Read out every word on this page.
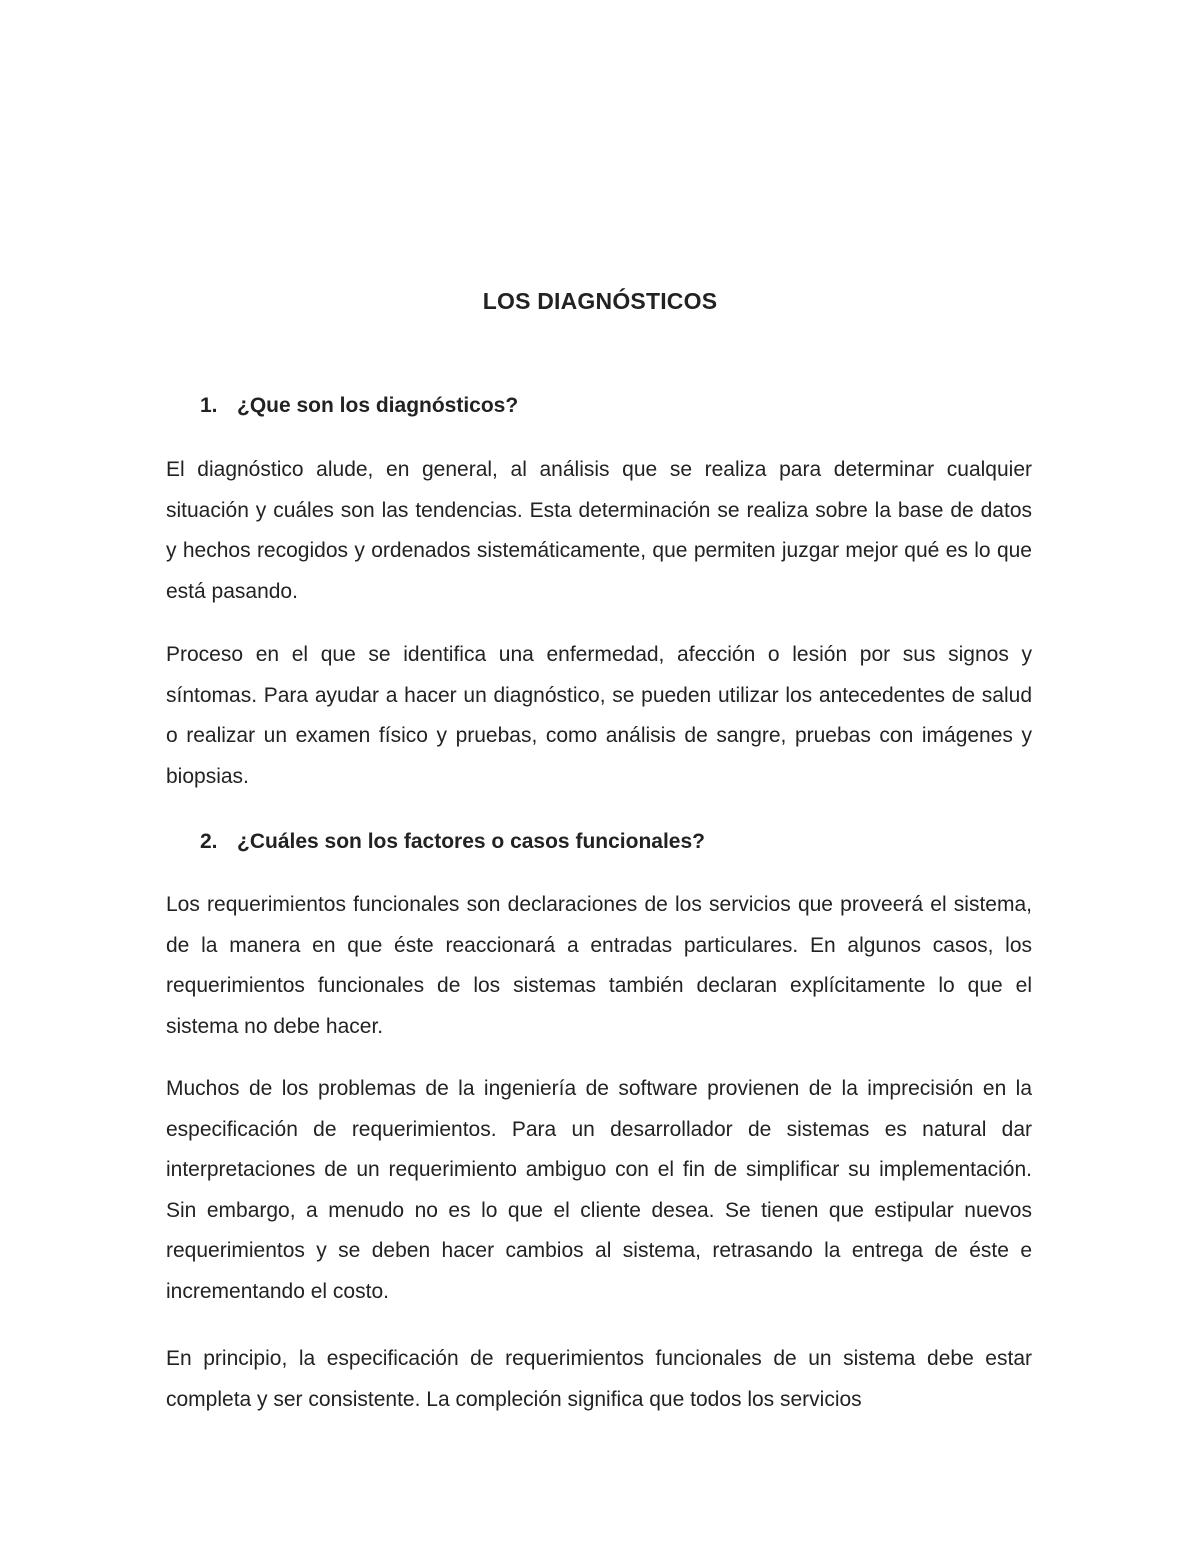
LOS DIAGNÓSTICOS
1. ¿Que son los diagnósticos?

El diagnóstico alude, en general, al análisis que se realiza para determinar cualquier situación y cuáles son las tendencias. Esta determinación se realiza sobre la base de datos y hechos recogidos y ordenados sistemáticamente, que permiten juzgar mejor qué es lo que está pasando.

Proceso en el que se identifica una enfermedad, afección o lesión por sus signos y síntomas. Para ayudar a hacer un diagnóstico, se pueden utilizar los antecedentes de salud o realizar un examen físico y pruebas, como análisis de sangre, pruebas con imágenes y biopsias.

2. ¿Cuáles son los factores o casos funcionales?

Los requerimientos funcionales son declaraciones de los servicios que proveerá el sistema, de la manera en que éste reaccionará a entradas particulares. En algunos casos, los requerimientos funcionales de los sistemas también declaran explícitamente lo que el sistema no debe hacer.

Muchos de los problemas de la ingeniería de software provienen de la imprecisión en la especificación de requerimientos. Para un desarrollador de sistemas es natural dar interpretaciones de un requerimiento ambiguo con el fin de simplificar su implementación. Sin embargo, a menudo no es lo que el cliente desea. Se tienen que estipular nuevos requerimientos y se deben hacer cambios al sistema, retrasando la entrega de éste e incrementando el costo.

En principio, la especificación de requerimientos funcionales de un sistema debe estar completa y ser consistente. La compleción significa que todos los servicios
